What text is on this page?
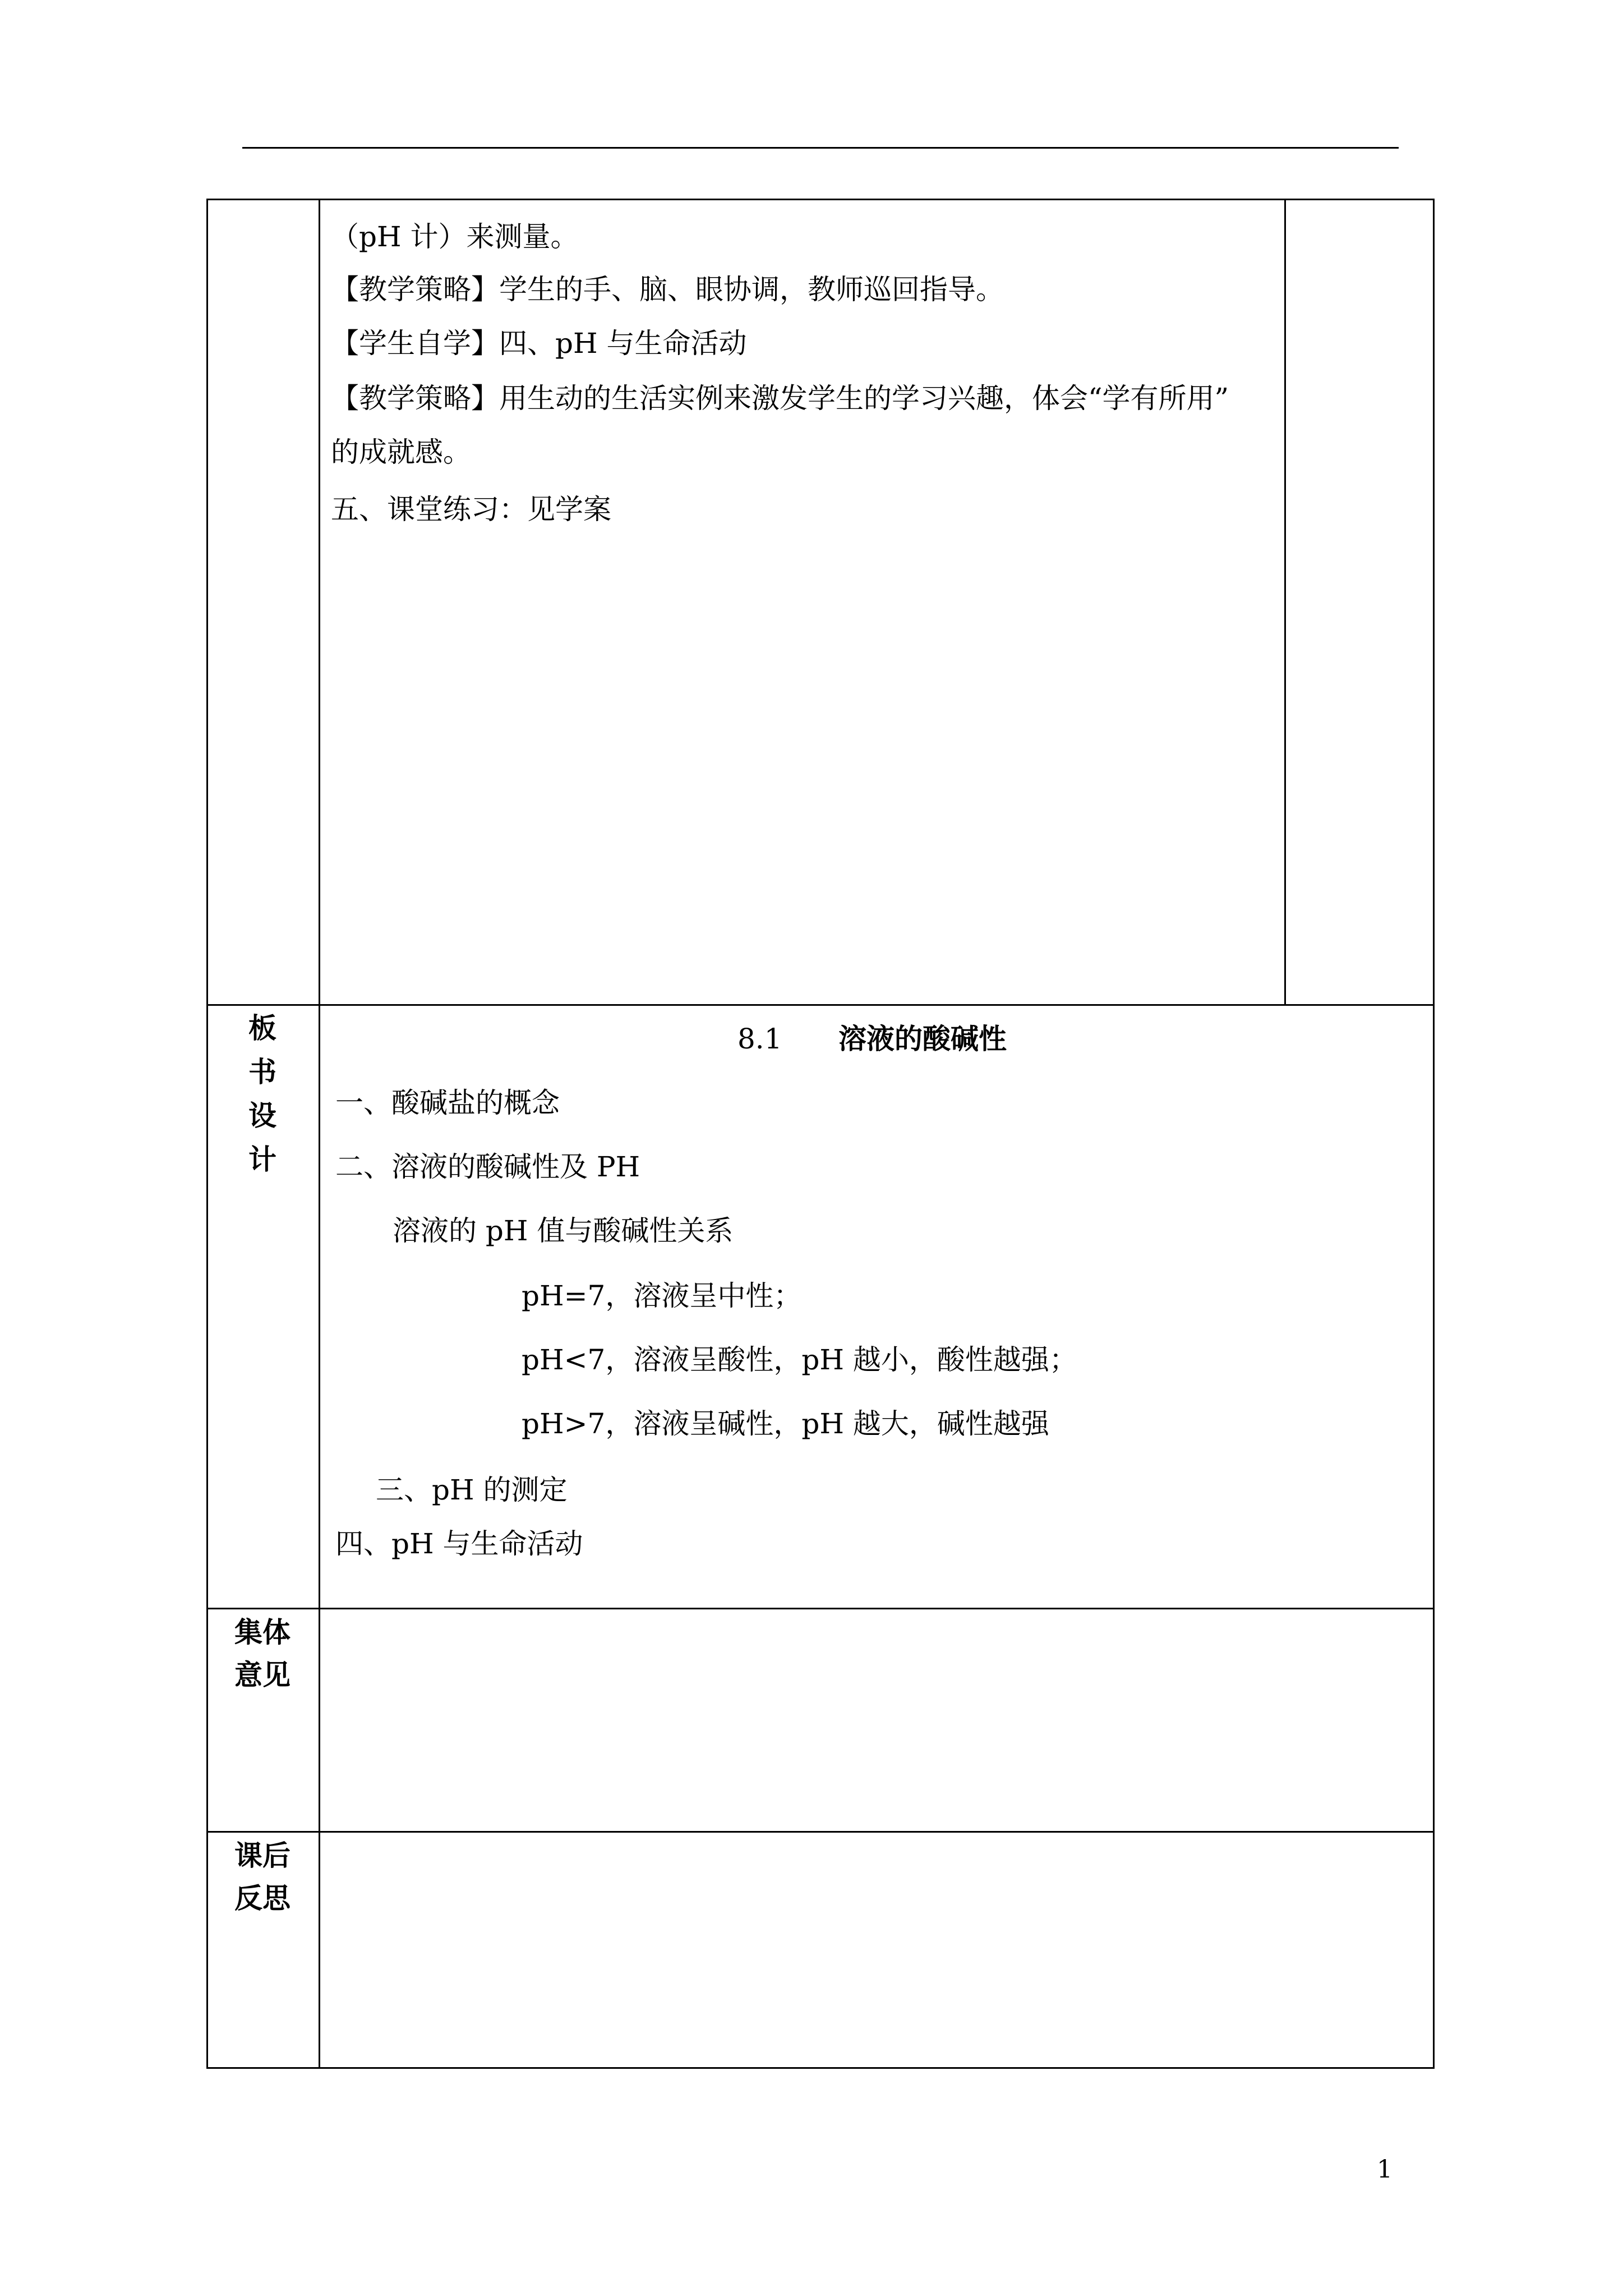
（pH 计）来测量。
【教学策略】学生的手、脑、眼协调，教师巡回指导。
【学生自学】四、pH 与生命活动
【教学策略】用生动的生活实例来激发学生的学习兴趣，体会“学有所用”
的成就感。
五、课堂练习：见学案
板
书
设
计
8.1 溶液的酸碱性
一、酸碱盐的概念
二、溶液的酸碱性及 PH
溶液的 pH 值与酸碱性关系
pH=7，溶液呈中性；
pH<7，溶液呈酸性，pH 越小，酸性越强；
pH>7，溶液呈碱性，pH 越大，碱性越强
三、pH 的测定
四、pH 与生命活动
集体
意见
课后
反思
1
